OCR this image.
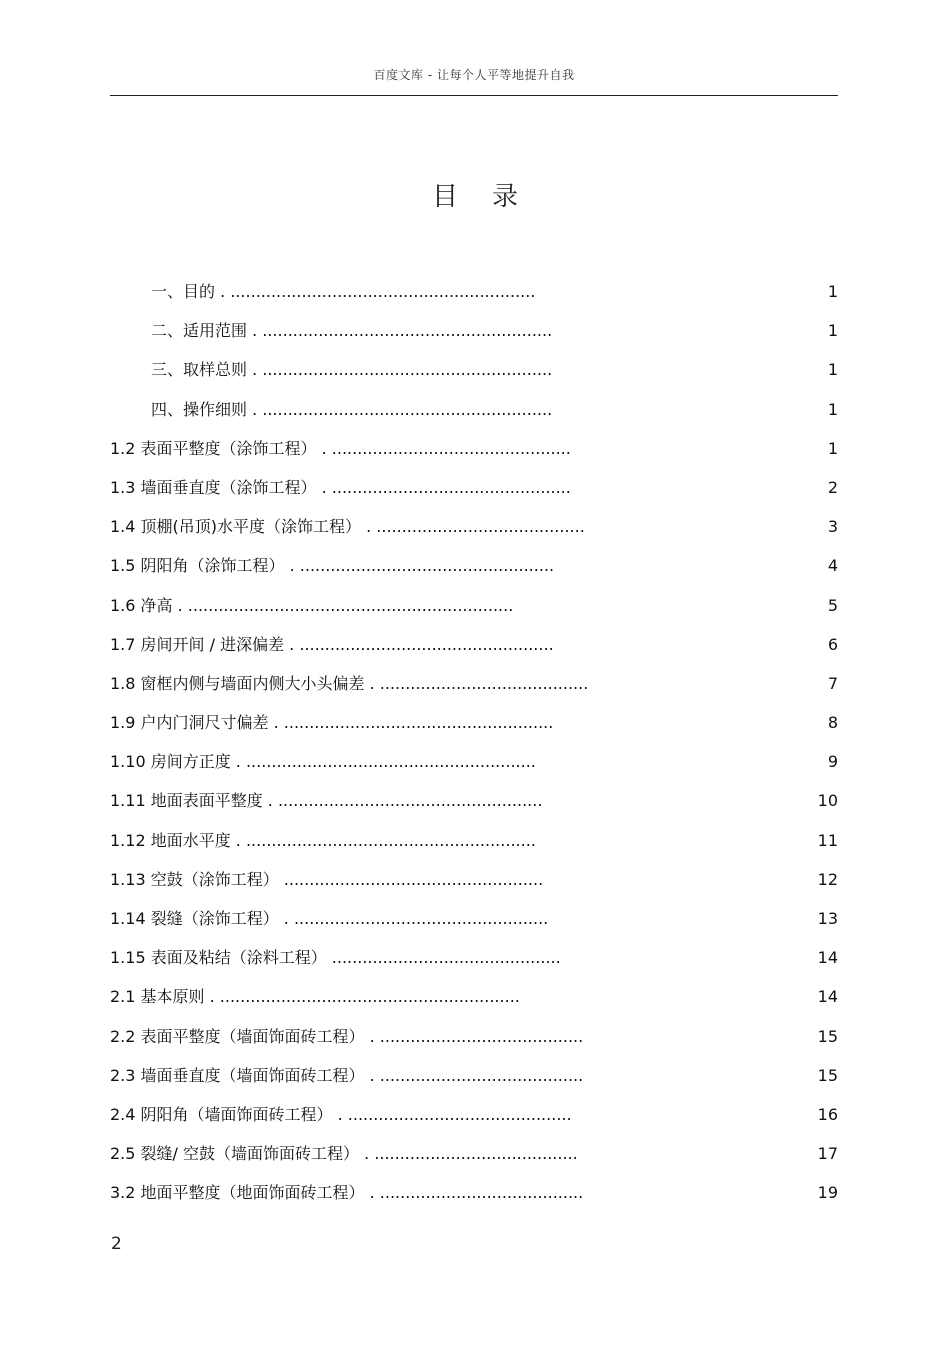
百度文库 - 让每个人平等地提升自我
目录
一、目的 . ............................................................	1
二、适用范围 . .........................................................	1
三、取样总则 . .........................................................	1
四、操作细则 . .........................................................	1
1.2 表面平整度（涂饰工程） . ...............................................	1
1.3 墙面垂直度（涂饰工程） . ...............................................	2
1.4 顶棚(吊顶)水平度（涂饰工程） . .........................................	3
1.5 阴阳角（涂饰工程） . ..................................................	4
1.6 净高 . ................................................................	5
1.7 房间开间 / 进深偏差 . ..................................................	6
1.8 窗框内侧与墙面内侧大小头偏差 . .........................................	7
1.9 户内门洞尺寸偏差 . .....................................................	8
1.10 房间方正度 . .........................................................	9
1.11 地面表面平整度 . ....................................................	10
1.12 地面水平度 . .........................................................	11
1.13 空鼓（涂饰工程） ...................................................	12
1.14 裂缝（涂饰工程） . ..................................................	13
1.15 表面及粘结（涂料工程） .............................................	14
2.1 基本原则 . ...........................................................	14
2.2 表面平整度（墙面饰面砖工程） . ........................................	15
2.3 墙面垂直度（墙面饰面砖工程） . ........................................	15
2.4 阴阳角（墙面饰面砖工程） . ............................................	16
2.5 裂缝/ 空鼓（墙面饰面砖工程） . ........................................	17
3.2 地面平整度（地面饰面砖工程） . ........................................	19
2
